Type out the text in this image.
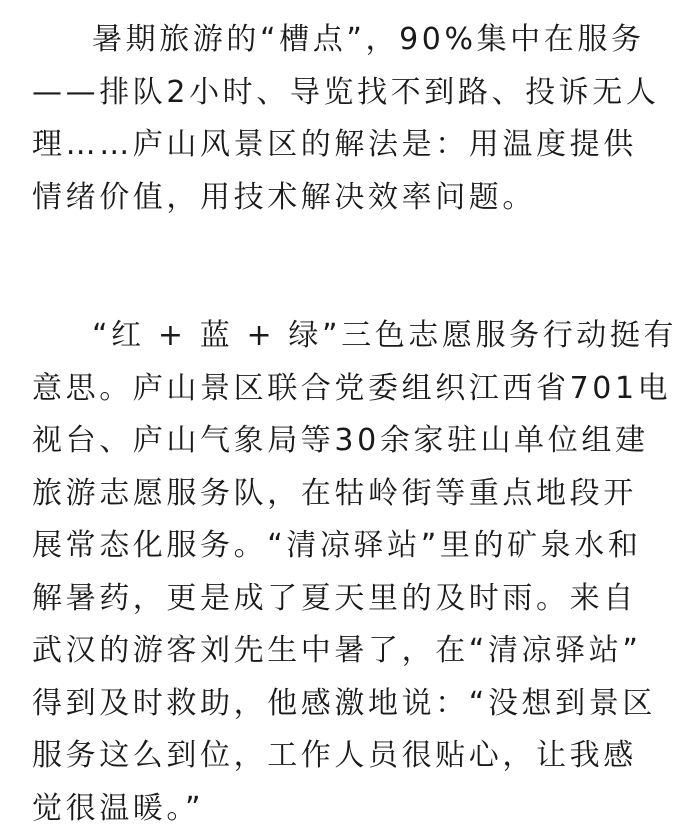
暑期旅游的“槽点”，90%集中在服务
——排队2小时、导览找不到路、投诉无人
理……庐山风景区的解法是：用温度提供
情绪价值，用技术解决效率问题。
“红 + 蓝 + 绿”三色志愿服务行动挺有
意思。庐山景区联合党委组织江西省701电
视台、庐山气象局等30余家驻山单位组建
旅游志愿服务队，在牯岭街等重点地段开
展常态化服务。“清凉驿站”里的矿泉水和
解暑药，更是成了夏天里的及时雨。来自
武汉的游客刘先生中暑了，在“清凉驿站”
得到及时救助，他感激地说：“没想到景区
服务这么到位，工作人员很贴心，让我感
觉很温暖。”
